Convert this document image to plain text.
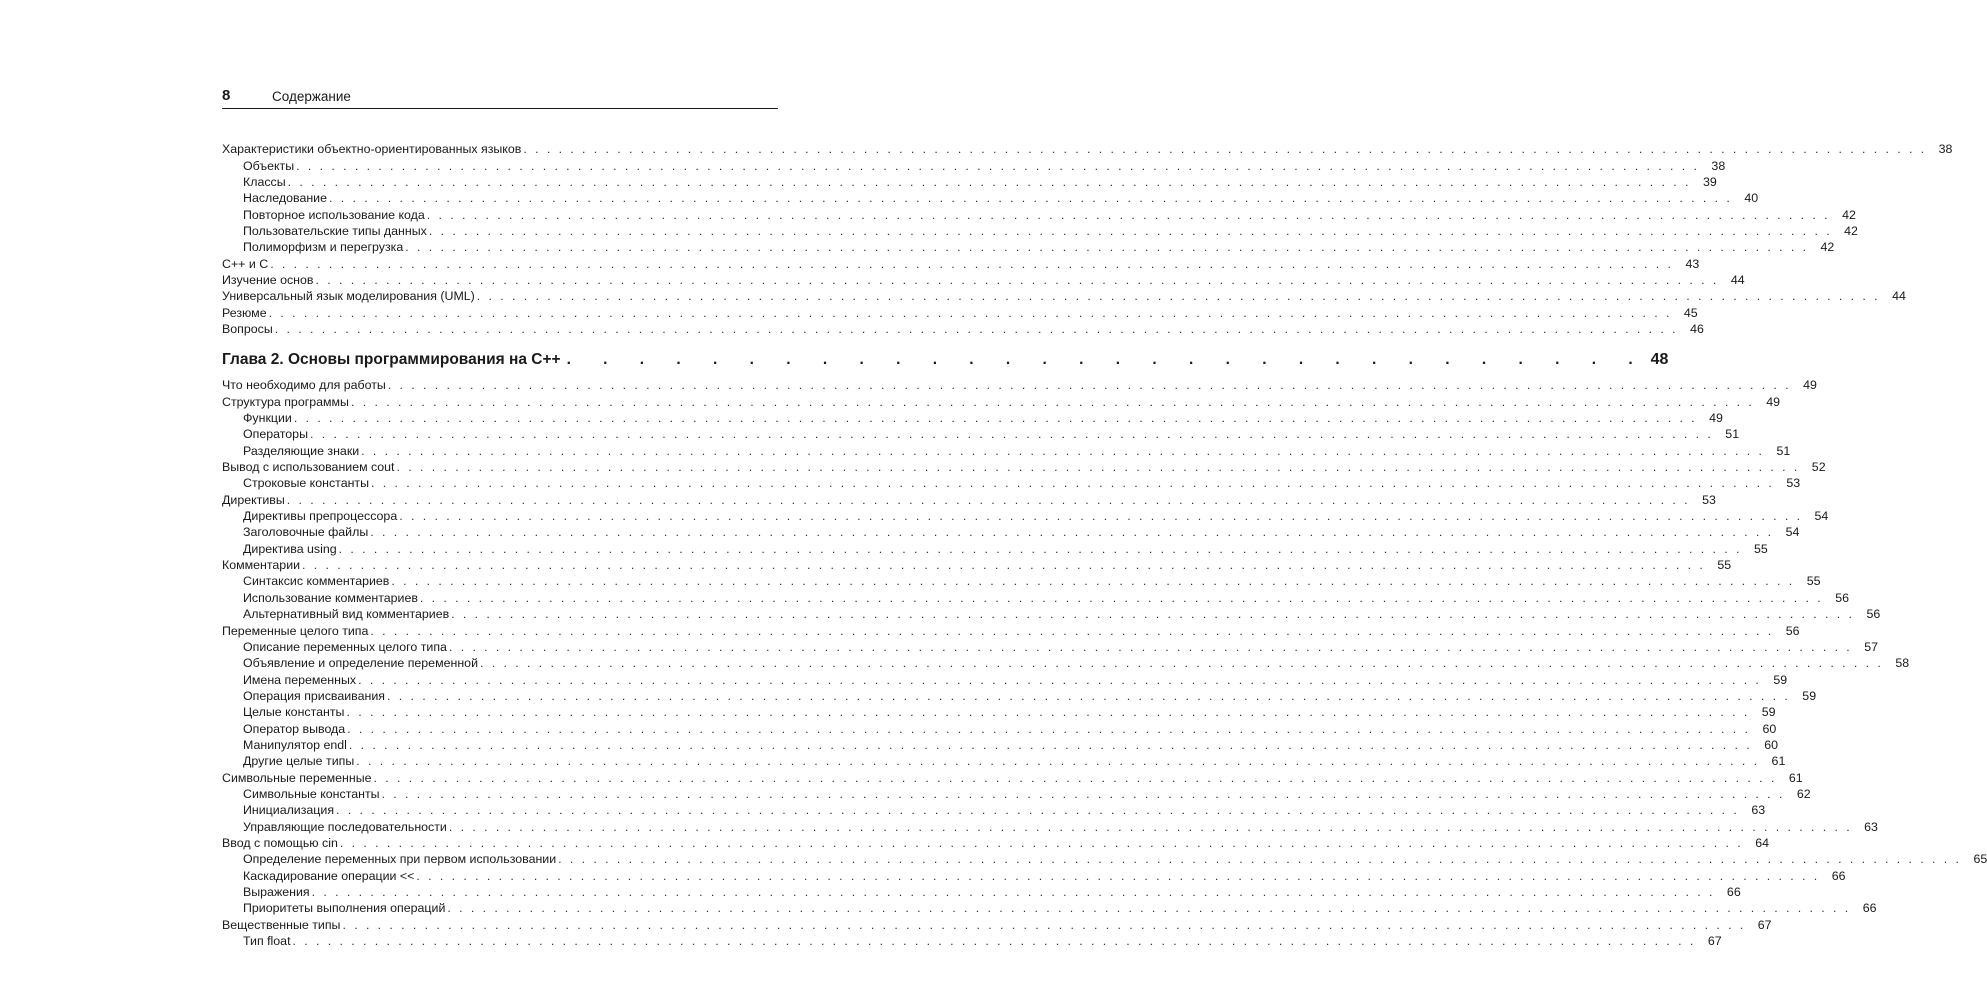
8	Содержание
Характеристики объектно-ориентированных языков ........................................................................................................................ 38
Объекты ........................................................................................................................ 38
Классы ........................................................................................................................ 39
Наследование ........................................................................................................................ 40
Повторное использование кода ........................................................................................................................ 42
Пользовательские типы данных ........................................................................................................................ 42
Полиморфизм и перегрузка ........................................................................................................................ 42
С++ и С ........................................................................................................................ 43
Изучение основ ........................................................................................................................ 44
Универсальный язык моделирования (UML) ........................................................................................................................ 44
Резюме ........................................................................................................................ 45
Вопросы ........................................................................................................................ 46
Глава 2. Основы программирования на С++ . . . . . . . . . . . . . . . . . . . . . . . . . . . . . . 48
Что необходимо для работы ........................................................................................................................ 49
Структура программы ........................................................................................................................ 49
Функции ........................................................................................................................ 49
Операторы ........................................................................................................................ 51
Разделяющие знаки ........................................................................................................................ 51
Вывод с использованием cout ........................................................................................................................ 52
Строковые константы ........................................................................................................................ 53
Директивы ........................................................................................................................ 53
Директивы препроцессора ........................................................................................................................ 54
Заголовочные файлы ........................................................................................................................ 54
Директива using ........................................................................................................................ 55
Комментарии ........................................................................................................................ 55
Синтаксис комментариев ........................................................................................................................ 55
Использование комментариев ........................................................................................................................ 56
Альтернативный вид комментариев ........................................................................................................................ 56
Переменные целого типа ........................................................................................................................ 56
Описание переменных целого типа ........................................................................................................................ 57
Объявление и определение переменной ........................................................................................................................ 58
Имена переменных ........................................................................................................................ 59
Операция присваивания ........................................................................................................................ 59
Целые константы ........................................................................................................................ 59
Оператор вывода ........................................................................................................................ 60
Манипулятор endl ........................................................................................................................ 60
Другие целые типы ........................................................................................................................ 61
Символьные переменные ........................................................................................................................ 61
Символьные константы ........................................................................................................................ 62
Инициализация ........................................................................................................................ 63
Управляющие последовательности ........................................................................................................................ 63
Ввод с помощью cin ........................................................................................................................ 64
Определение переменных при первом использовании ........................................................................................................................ 65
Каскадирование операции << ........................................................................................................................ 66
Выражения ........................................................................................................................ 66
Приоритеты выполнения операций ........................................................................................................................ 66
Вещественные типы ........................................................................................................................ 67
Тип float ........................................................................................................................ 67
